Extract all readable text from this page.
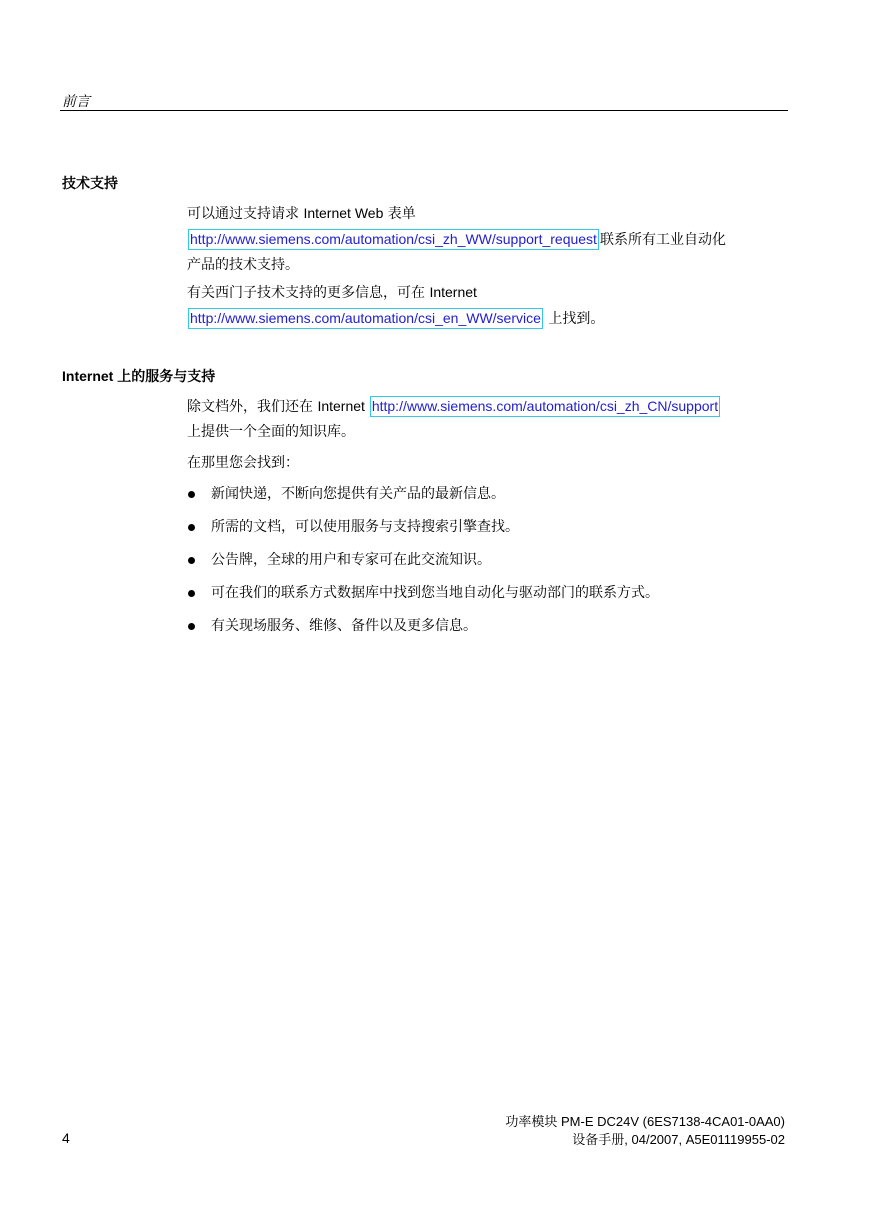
前言
技术支持
可以通过支持请求 Internet Web 表单
http://www.siemens.com/automation/csi_zh_WW/support_request 联系所有工业自动化
产品的技术支持。
有关西门子技术支持的更多信息，可在 Internet
http://www.siemens.com/automation/csi_en_WW/service 上找到。
Internet 上的服务与支持
除文档外，我们还在 Internet http://www.siemens.com/automation/csi_zh_CN/support
上提供一个全面的知识库。
在那里您会找到：
新闻快递，不断向您提供有关产品的最新信息。
所需的文档，可以使用服务与支持搜索引擎查找。
公告牌，全球的用户和专家可在此交流知识。
可在我们的联系方式数据库中找到您当地自动化与驱动部门的联系方式。
有关现场服务、维修、备件以及更多信息。
4
功率模块 PM-E DC24V (6ES7138-4CA01-0AA0)
设备手册, 04/2007, A5E01119955-02
